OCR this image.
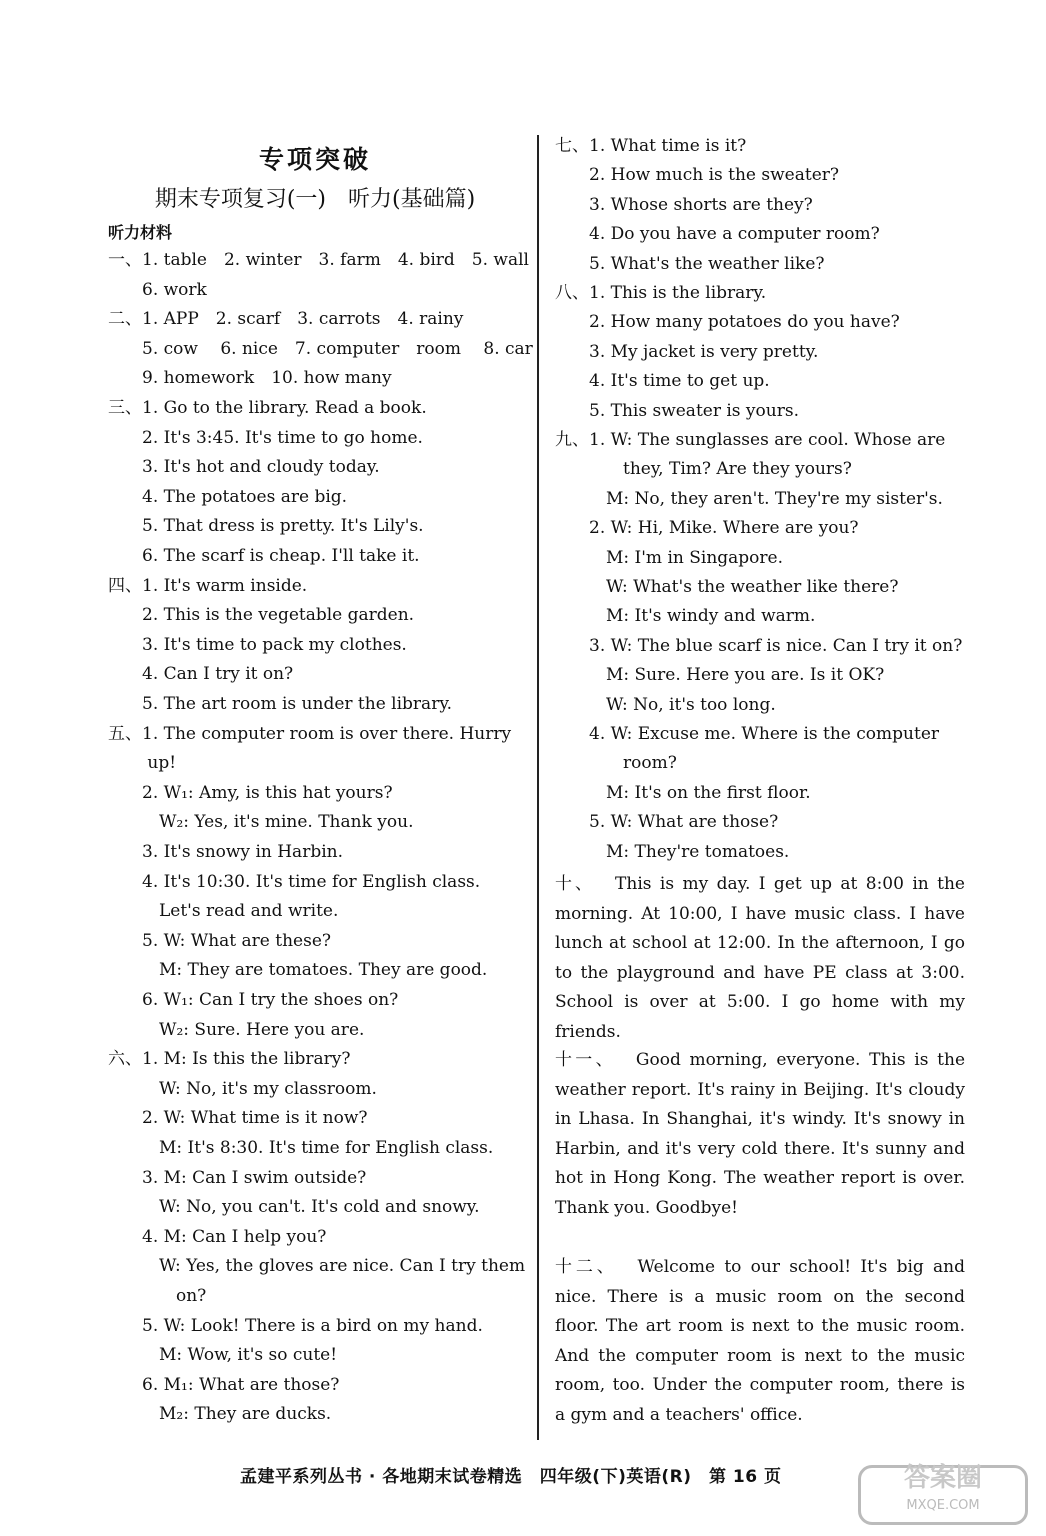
专项突破
期末专项复习(一)　听力(基础篇)
听力材料
一、1. table　2. winter　3. farm　4. bird　5. wall
　　6. work
二、1. APP　2. scarf　3. carrots　4. rainy
　　5. cow　 6. nice　7. computer　room　 8. car
　　9. homework　10. how many
三、1. Go to the library. Read a book.
　　2. It's 3:45. It's time to go home.
　　3. It's hot and cloudy today.
　　4. The potatoes are big.
　　5. That dress is pretty. It's Lily's.
　　6. The scarf is cheap. I'll take it.
四、1. It's warm inside.
　　2. This is the vegetable garden.
　　3. It's time to pack my clothes.
　　4. Can I try it on?
　　5. The art room is under the library.
五、1. The computer room is over there. Hurry
　　 up!
　　2. W₁: Amy, is this hat yours?
　　　W₂: Yes, it's mine. Thank you.
　　3. It's snowy in Harbin.
　　4. It's 10:30. It's time for English class.
　　　Let's read and write.
　　5. W: What are these?
　　　M: They are tomatoes. They are good.
　　6. W₁: Can I try the shoes on?
　　　W₂: Sure. Here you are.
六、1. M: Is this the library?
　　　W: No, it's my classroom.
　　2. W: What time is it now?
　　　M: It's 8:30. It's time for English class.
　　3. M: Can I swim outside?
　　　W: No, you can't. It's cold and snowy.
　　4. M: Can I help you?
　　　W: Yes, the gloves are nice. Can I try them
　　　　on?
　　5. W: Look! There is a bird on my hand.
　　　M: Wow, it's so cute!
　　6. M₁: What are those?
　　　M₂: They are ducks.
七、1. What time is it?
　　2. How much is the sweater?
　　3. Whose shorts are they?
　　4. Do you have a computer room?
　　5. What's the weather like?
八、1. This is the library.
　　2. How many potatoes do you have?
　　3. My jacket is very pretty.
　　4. It's time to get up.
　　5. This sweater is yours.
九、1. W: The sunglasses are cool. Whose are
　　　　they, Tim? Are they yours?
　　　M: No, they aren't. They're my sister's.
　　2. W: Hi, Mike. Where are you?
　　　M: I'm in Singapore.
　　　W: What's the weather like there?
　　　M: It's windy and warm.
　　3. W: The blue scarf is nice. Can I try it on?
　　　M: Sure. Here you are. Is it OK?
　　　W: No, it's too long.
　　4. W: Excuse me. Where is the computer
　　　　room?
　　　M: It's on the first floor.
　　5. W: What are those?
　　　M: They're tomatoes.
十、 This is my day. I get up at 8:00 in the morning. At 10:00, I have music class. I have lunch at school at 12:00. In the afternoon, I go to the playground and have PE class at 3:00. School is over at 5:00. I go home with my friends.
十一、 Good morning, everyone. This is the weather report. It's rainy in Beijing. It's cloudy in Lhasa. In Shanghai, it's windy. It's snowy in Harbin, and it's very cold there. It's sunny and hot in Hong Kong. The weather report is over. Thank you. Goodbye!
十二、 Welcome to our school! It's big and nice. There is a music room on the second floor. The art room is next to the music room. And the computer room is next to the music room, too. Under the computer room, there is a gym and a teachers' office.
孟建平系列丛书 · 各地期末试卷精选　四年级(下)英语(R)　第 16 页	答案圈
MXQE.COM
